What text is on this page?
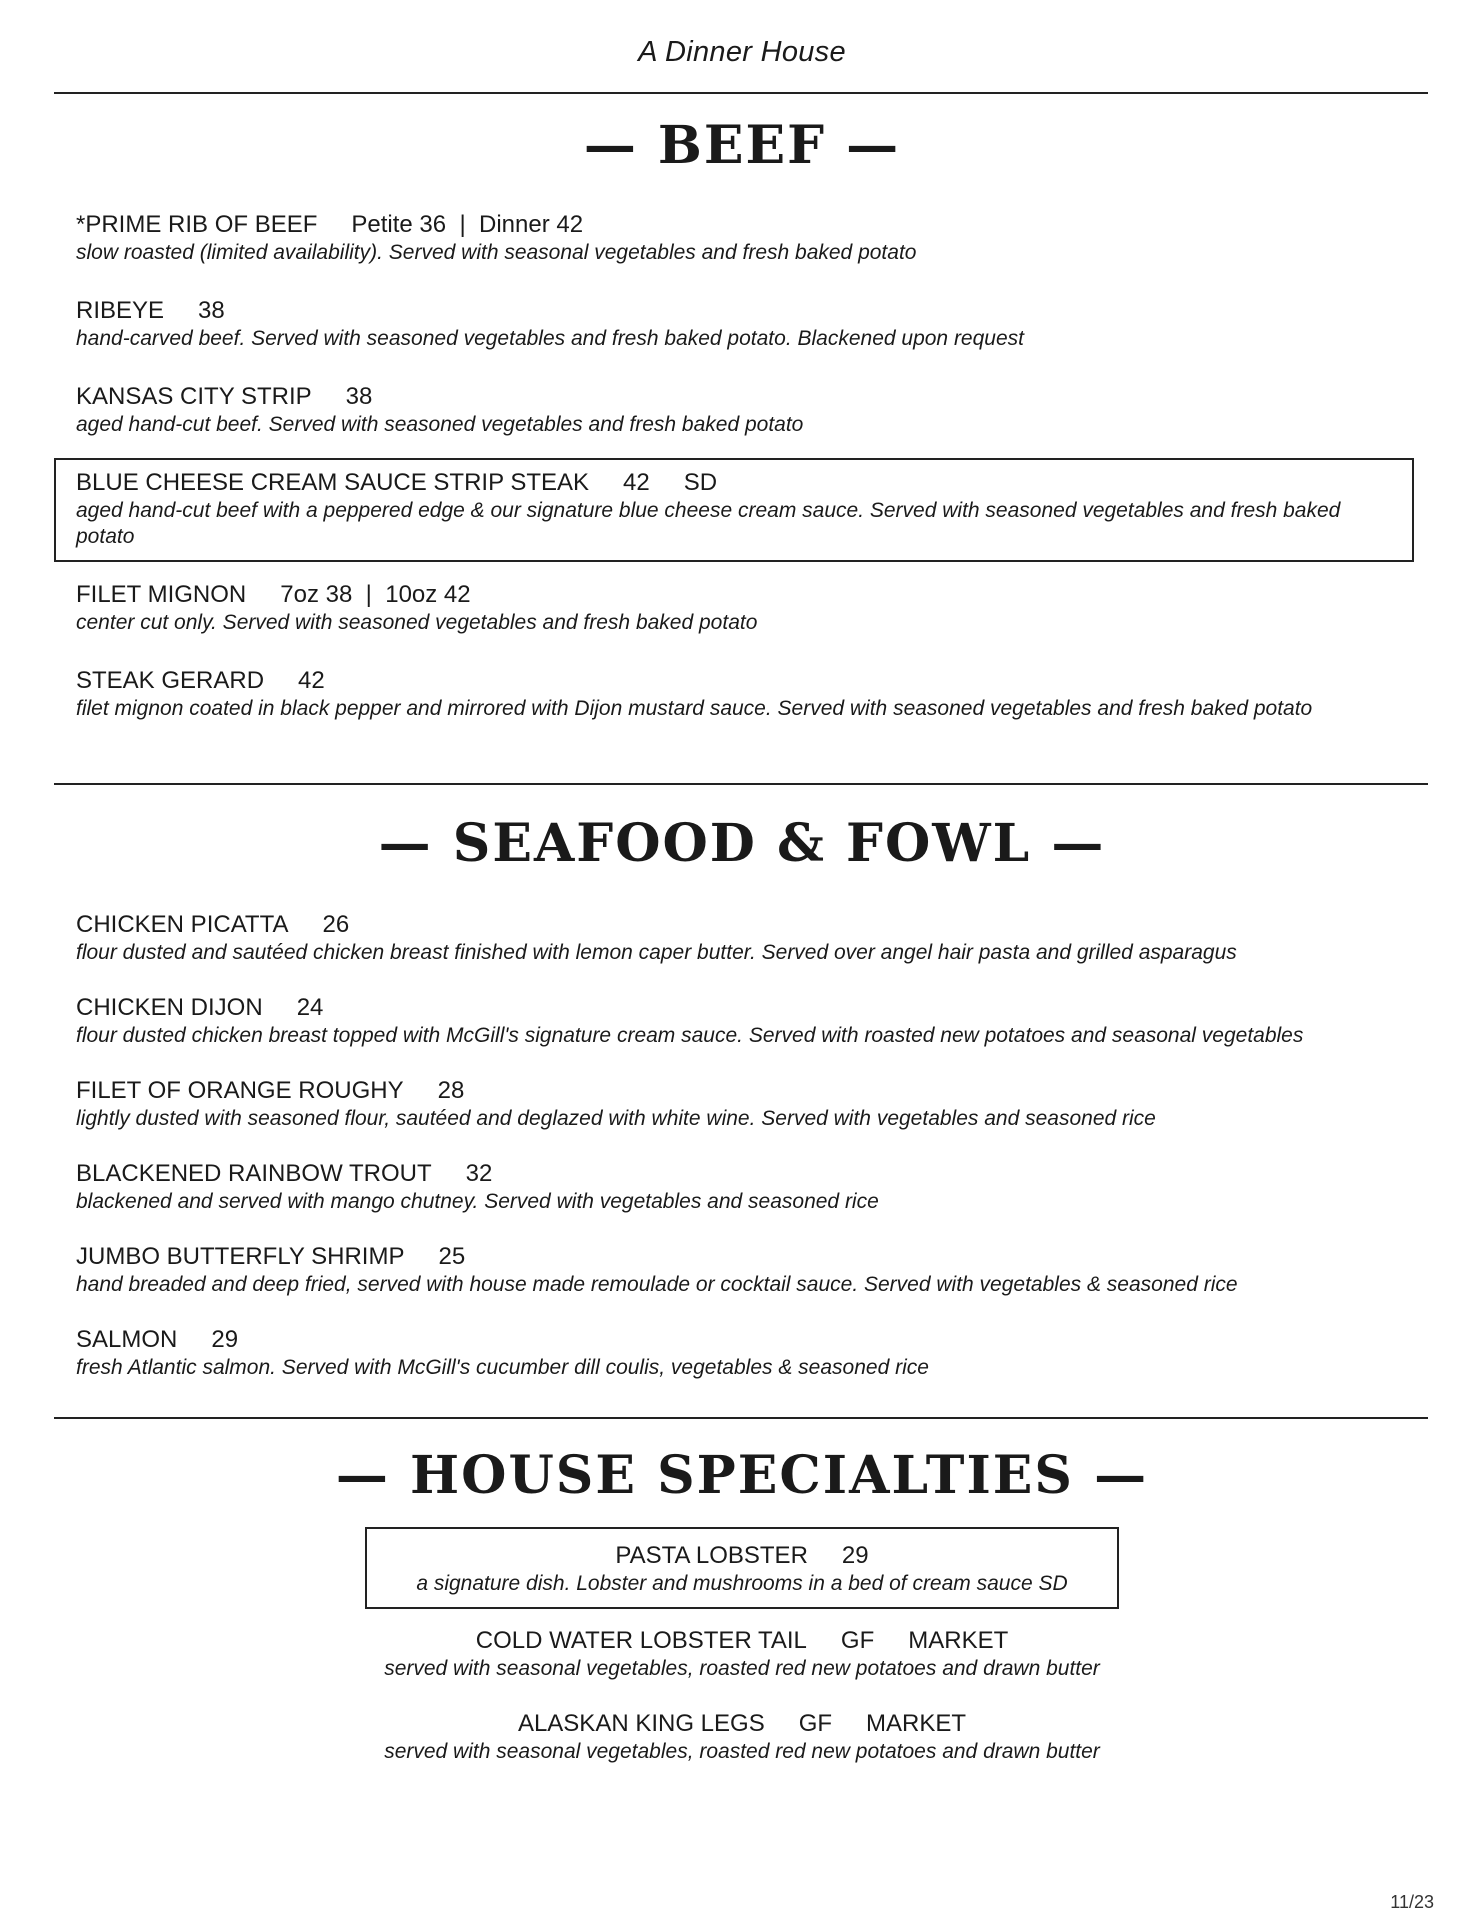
A Dinner House
— BEEF —
*PRIME RIB OF BEEF Petite 36  |  Dinner 42
slow roasted (limited availability). Served with seasonal vegetables and fresh baked potato
RIBEYE 38
hand-carved beef. Served with seasoned vegetables and fresh baked potato. Blackened upon request
KANSAS CITY STRIP 38
aged hand-cut beef. Served with seasoned vegetables and fresh baked potato
BLUE CHEESE CREAM SAUCE STRIP STEAK 42 SD
aged hand-cut beef with a peppered edge & our signature blue cheese cream sauce. Served with seasoned vegetables and fresh baked potato
FILET MIGNON 7oz 38  |  10oz 42
center cut only. Served with seasoned vegetables and fresh baked potato
STEAK GERARD 42
filet mignon coated in black pepper and mirrored with Dijon mustard sauce. Served with seasoned vegetables and fresh baked potato
— SEAFOOD & FOWL —
CHICKEN PICATTA 26
flour dusted and sautéed chicken breast finished with lemon caper butter. Served over angel hair pasta and grilled asparagus
CHICKEN DIJON 24
flour dusted chicken breast topped with McGill's signature cream sauce. Served with roasted new potatoes and seasonal vegetables
FILET OF ORANGE ROUGHY 28
lightly dusted with seasoned flour, sautéed and deglazed with white wine. Served with vegetables and seasoned rice
BLACKENED RAINBOW TROUT 32
blackened and served with mango chutney. Served with vegetables and seasoned rice
JUMBO BUTTERFLY SHRIMP 25
hand breaded and deep fried, served with house made remoulade or cocktail sauce. Served with vegetables & seasoned rice
SALMON 29
fresh Atlantic salmon. Served with McGill's cucumber dill coulis, vegetables & seasoned rice
— HOUSE SPECIALTIES —
PASTA LOBSTER 29
a signature dish. Lobster and mushrooms in a bed of cream sauce SD
COLD WATER LOBSTER TAIL GF MARKET
served with seasonal vegetables, roasted red new potatoes and drawn butter
ALASKAN KING LEGS GF MARKET
served with seasonal vegetables, roasted red new potatoes and drawn butter
11/23
